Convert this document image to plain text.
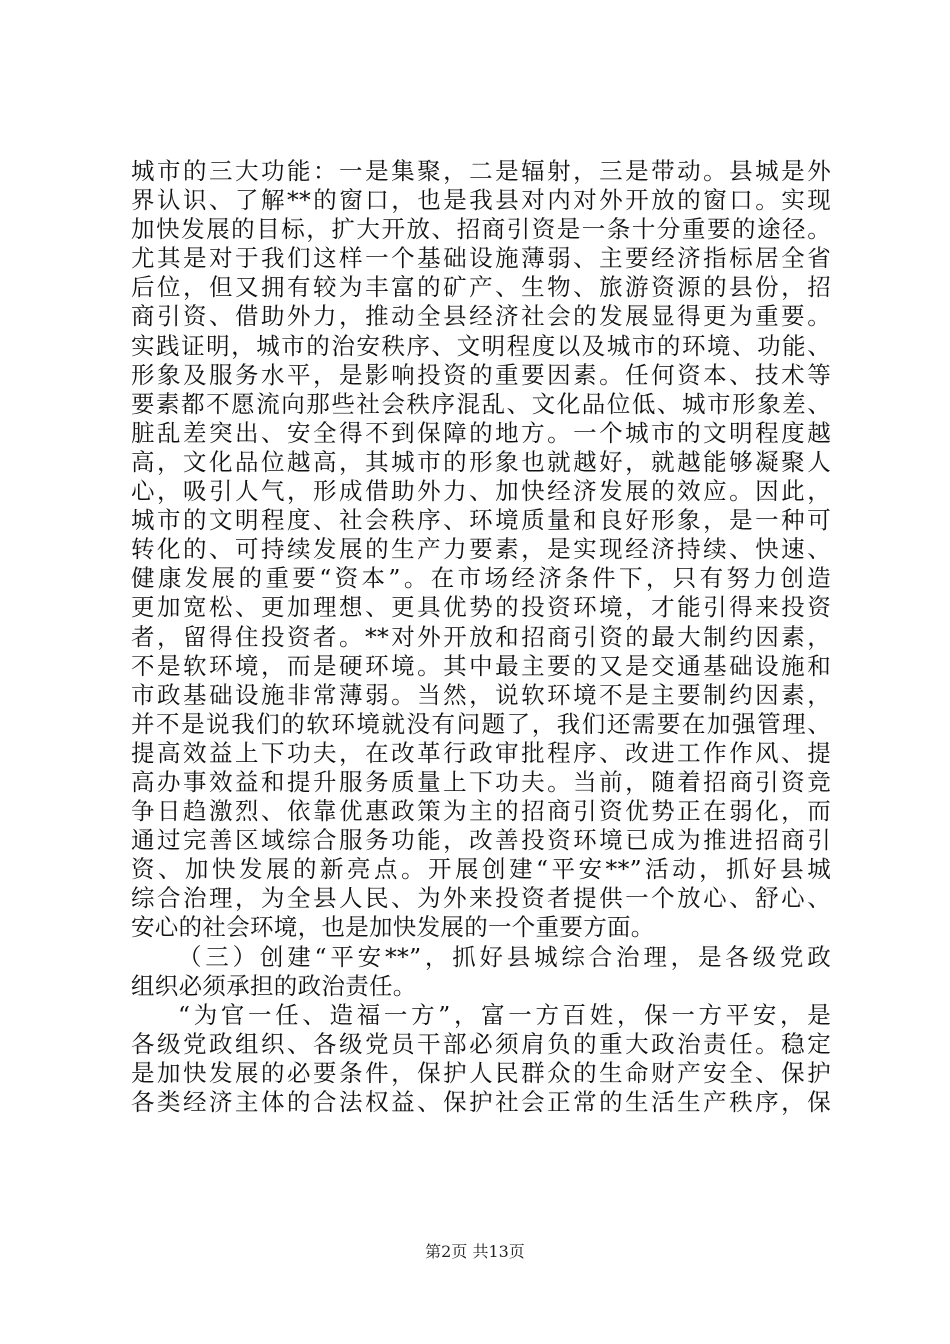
城市的三大功能：一是集聚，二是辐射，三是带动。县城是外
界认识、了解**的窗口，也是我县对内对外开放的窗口。实现
加快发展的目标，扩大开放、招商引资是一条十分重要的途径。
尤其是对于我们这样一个基础设施薄弱、主要经济指标居全省
后位，但又拥有较为丰富的矿产、生物、旅游资源的县份，招
商引资、借助外力，推动全县经济社会的发展显得更为重要。
实践证明，城市的治安秩序、文明程度以及城市的环境、功能、
形象及服务水平，是影响投资的重要因素。任何资本、技术等
要素都不愿流向那些社会秩序混乱、文化品位低、城市形象差、
脏乱差突出、安全得不到保障的地方。一个城市的文明程度越
高，文化品位越高，其城市的形象也就越好，就越能够凝聚人
心，吸引人气，形成借助外力、加快经济发展的效应。因此，
城市的文明程度、社会秩序、环境质量和良好形象，是一种可
转化的、可持续发展的生产力要素，是实现经济持续、快速、
健康发展的重要“资本”。在市场经济条件下，只有努力创造
更加宽松、更加理想、更具优势的投资环境，才能引得来投资
者，留得住投资者。**对外开放和招商引资的最大制约因素，
不是软环境，而是硬环境。其中最主要的又是交通基础设施和
市政基础设施非常薄弱。当然，说软环境不是主要制约因素，
并不是说我们的软环境就没有问题了，我们还需要在加强管理、
提高效益上下功夫，在改革行政审批程序、改进工作作风、提
高办事效益和提升服务质量上下功夫。当前，随着招商引资竞
争日趋激烈、依靠优惠政策为主的招商引资优势正在弱化，而
通过完善区域综合服务功能，改善投资环境已成为推进招商引
资、加快发展的新亮点。开展创建“平安**”活动，抓好县城
综合治理，为全县人民、为外来投资者提供一个放心、舒心、
安心的社会环境，也是加快发展的一个重要方面。
（三）创建“平安**”，抓好县城综合治理，是各级党政
组织必须承担的政治责任。
“为官一任、造福一方”，富一方百姓，保一方平安，是
各级党政组织、各级党员干部必须肩负的重大政治责任。稳定
是加快发展的必要条件，保护人民群众的生命财产安全、保护
各类经济主体的合法权益、保护社会正常的生活生产秩序，保
第2页 共13页
